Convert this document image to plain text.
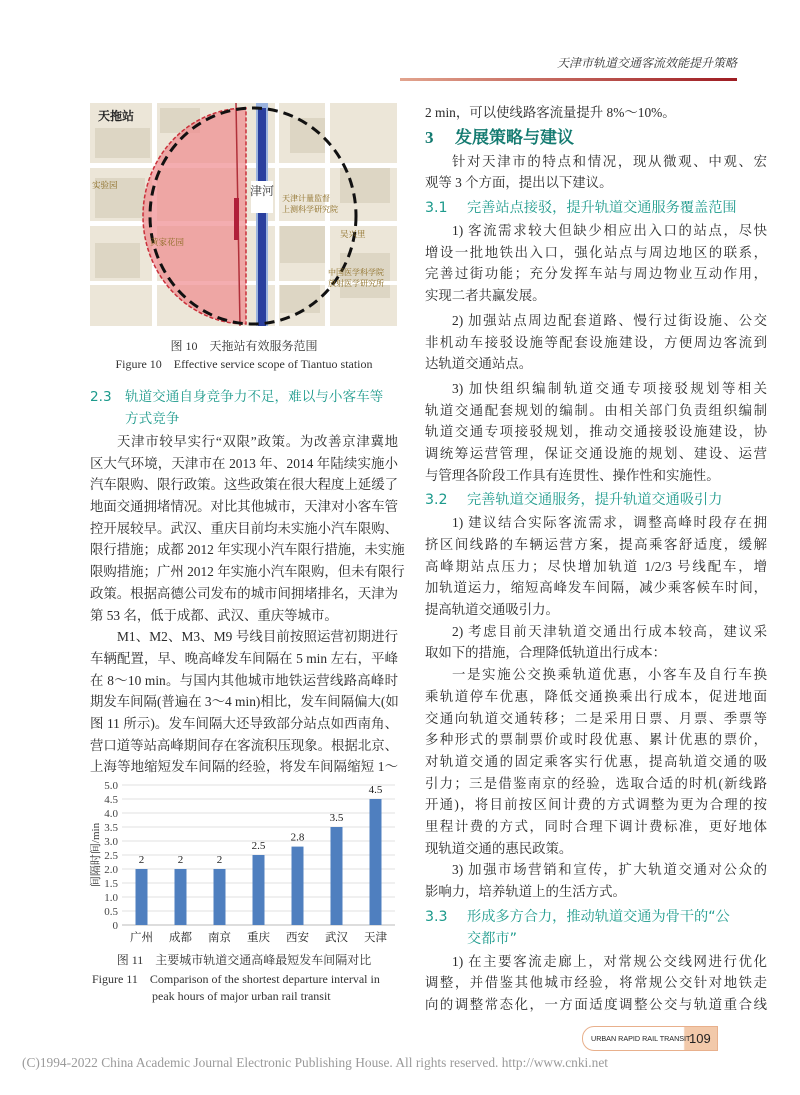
天津市轨道交通客流效能提升策略
津河
天拖站
天津计量监督
上测科学研究院
中国医学科学院
放射医学研究所
黄家花园
实验园
吴兴里
图 10　天拖站有效服务范围
Figure 10　Effective service scope of Tiantuo station
2.3 轨道交通自身竞争力不足，难以与小客车等
方式竞争
天津市较早实行“双限”政策。为改善京津冀地
区大气环境，天津市在 2013 年、2014 年陆续实施小
汽车限购、限行政策。这些政策在很大程度上延缓了
地面交通拥堵情况。对比其他城市，天津对小客车管
控开展较早。武汉、重庆目前均未实施小汽车限购、
限行措施；成都 2012 年实现小汽车限行措施，未实施
限购措施；广州 2012 年实施小汽车限购，但未有限行
政策。根据高德公司发布的城市间拥堵排名，天津为
第 53 名，低于成都、武汉、重庆等城市。
M1、M2、M3、M9 号线目前按照运营初期进行
车辆配置，早、晚高峰发车间隔在 5 min 左右，平峰
在 8～10 min。与国内其他城市地铁运营线路高峰时
期发车间隔(普遍在 3～4 min)相比，发车间隔偏大(如
图 11 所示)。发车间隔大还导致部分站点如西南角、
营口道等站高峰期间存在客流积压现象。根据北京、
上海等地缩短发车间隔的经验，将发车间隔缩短 1～
0
0.5
1.0
1.5
2.0
2.5
3.0
3.5
4.0
4.5
5.0
2
广州
2
成都
2
南京
2.5
重庆
2.8
西安
3.5
武汉
4.5
天津
间隔时间/min
图 11　主要城市轨道交通高峰最短发车间隔对比
Figure 11　Comparison of the shortest departure interval in
peak hours of major urban rail transit
2 min，可以使线路客流量提升 8%～10%。
3 发展策略与建议
针对天津市的特点和情况，现从微观、中观、宏
观等 3 个方面，提出以下建议。
3.1 完善站点接驳，提升轨道交通服务覆盖范围
1) 客流需求较大但缺少相应出入口的站点，尽快
增设一批地铁出入口，强化站点与周边地区的联系，
完善过街功能；充分发挥车站与周边物业互动作用，
实现二者共赢发展。
2) 加强站点周边配套道路、慢行过街设施、公交
非机动车接驳设施等配套设施建设，方便周边客流到
达轨道交通站点。
3) 加快组织编制轨道交通专项接驳规划等相关
轨道交通配套规划的编制。由相关部门负责组织编制
轨道交通专项接驳规划，推动交通接驳设施建设，协
调统筹运营管理，保证交通设施的规划、建设、运营
与管理各阶段工作具有连贯性、操作性和实施性。
3.2 完善轨道交通服务，提升轨道交通吸引力
1) 建议结合实际客流需求，调整高峰时段存在拥
挤区间线路的车辆运营方案，提高乘客舒适度，缓解
高峰期站点压力；尽快增加轨道 1/2/3 号线配车，增
加轨道运力，缩短高峰发车间隔，减少乘客候车时间，
提高轨道交通吸引力。
2) 考虑目前天津轨道交通出行成本较高，建议采
取如下的措施，合理降低轨道出行成本：
一是实施公交换乘轨道优惠，小客车及自行车换
乘轨道停车优惠，降低交通换乘出行成本，促进地面
交通向轨道交通转移；二是采用日票、月票、季票等
多种形式的票制票价或时段优惠、累计优惠的票价，
对轨道交通的固定乘客实行优惠，提高轨道交通的吸
引力；三是借鉴南京的经验，选取合适的时机(新线路
开通)，将目前按区间计费的方式调整为更为合理的按
里程计费的方式，同时合理下调计费标准，更好地体
现轨道交通的惠民政策。
3) 加强市场营销和宣传，扩大轨道交通对公众的
影响力，培养轨道上的生活方式。
3.3 形成多方合力，推动轨道交通为骨干的“公
交都市”
1) 在主要客流走廊上，对常规公交线网进行优化
调整，并借鉴其他城市经验，将常规公交针对地铁走
向的调整常态化，一方面适度调整公交与轨道重合线
URBAN RAPID RAIL TRANSIT
109
(C)1994-2022 China Academic Journal Electronic Publishing House. All rights reserved. http://www.cnki.net
